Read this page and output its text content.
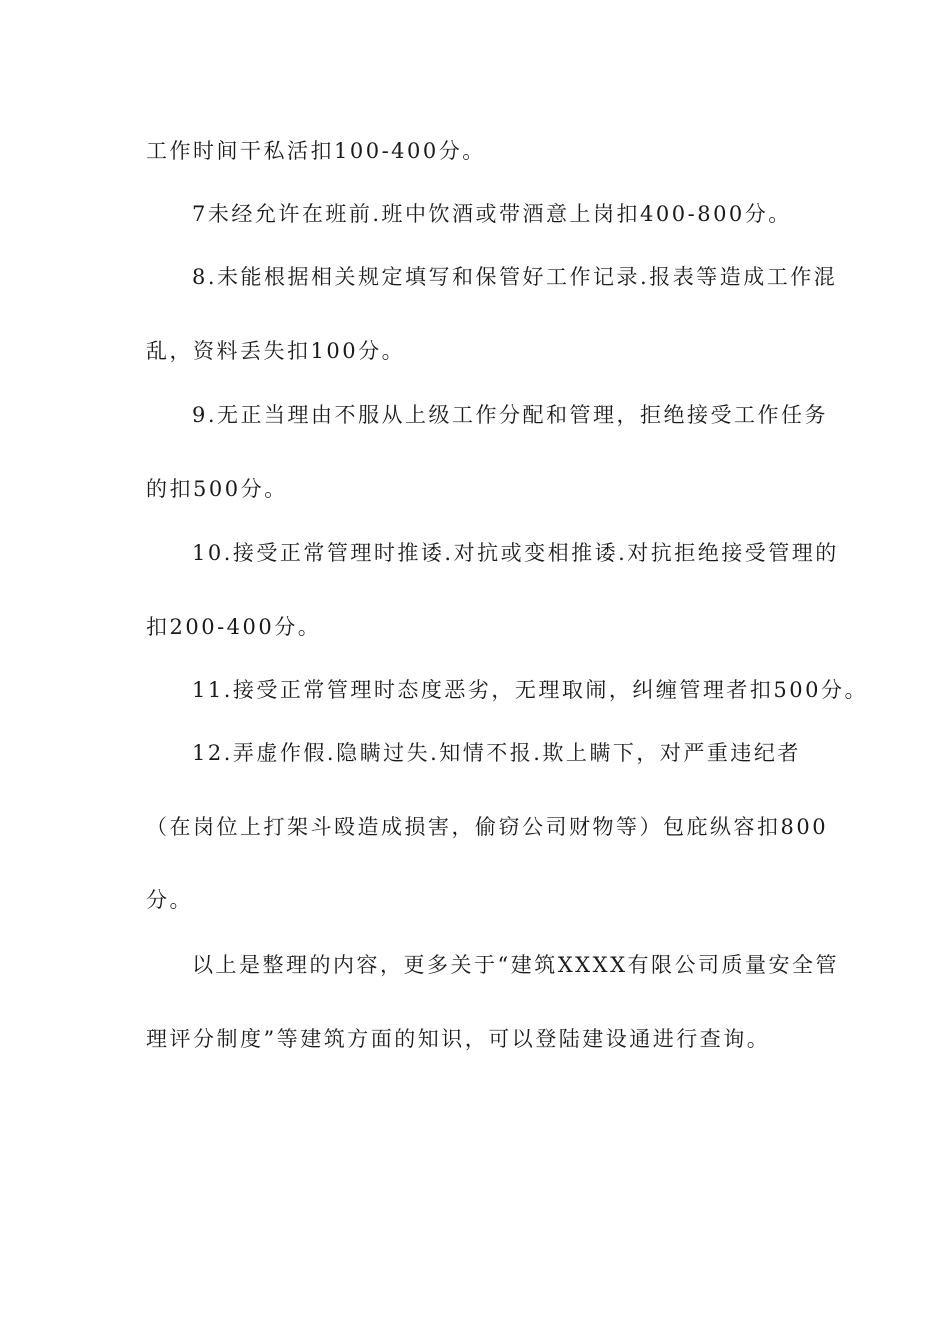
工作时间干私活扣100-400分。
7未经允许在班前.班中饮酒或带酒意上岗扣400-800分。
8.未能根据相关规定填写和保管好工作记录.报表等造成工作混
乱，资料丢失扣100分。
9.无正当理由不服从上级工作分配和管理，拒绝接受工作任务
的扣500分。
10.接受正常管理时推诿.对抗或变相推诿.对抗拒绝接受管理的
扣200-400分。
11.接受正常管理时态度恶劣，无理取闹，纠缠管理者扣500分。
12.弄虚作假.隐瞒过失.知情不报.欺上瞒下，对严重违纪者
（在岗位上打架斗殴造成损害，偷窃公司财物等）包庇纵容扣800
分。
以上是整理的内容，更多关于“建筑XXXX有限公司质量安全管
理评分制度”等建筑方面的知识，可以登陆建设通进行查询。
